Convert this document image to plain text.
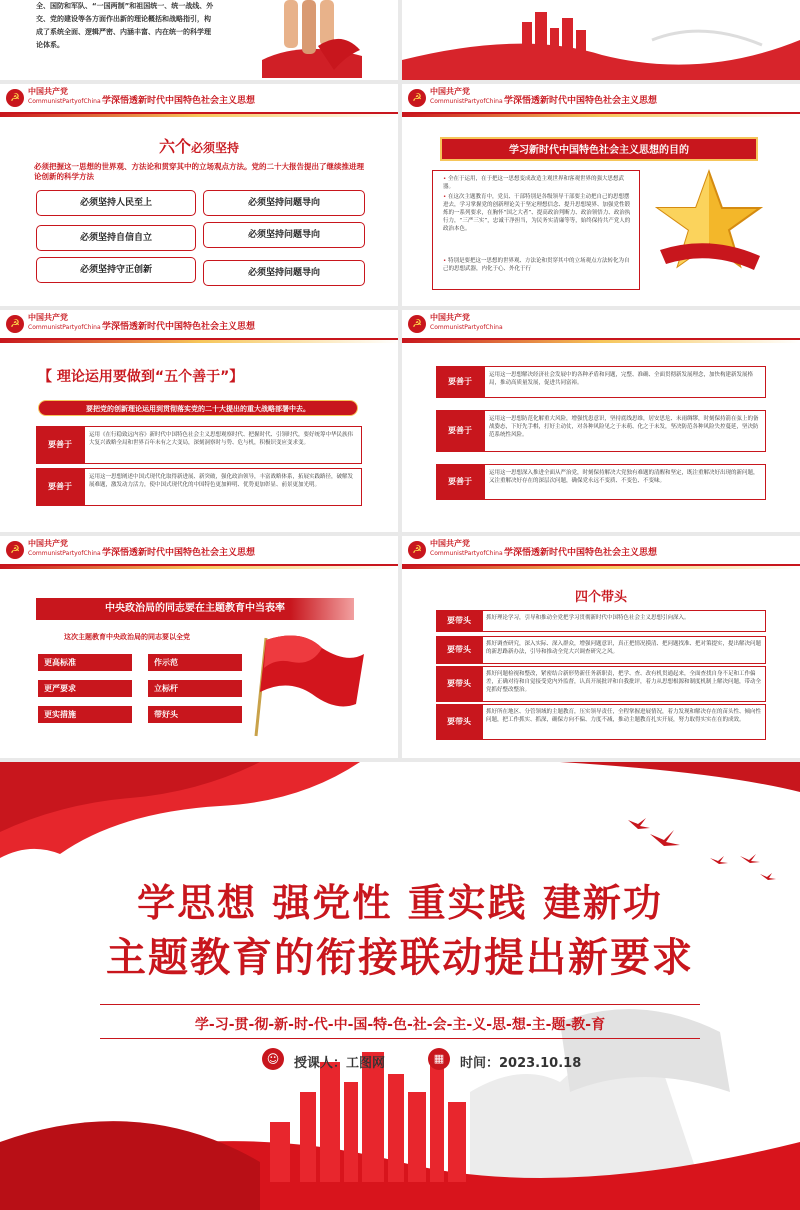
全、国防和军队、“一国两制”和祖国统一、统一战线、外
交、党的建设等各方面作出新的理论概括和战略指引，构
成了系统全面、逻辑严密、内涵丰富、内在统一的科学理
论体系。
☭	中国共产党
CommunistPartyofChina 学深悟透新时代中国特色社会主义思想
六个必须坚持
必须把握这一思想的世界观、方法论和贯穿其中的立场观点方法。党的二十大报告提出了继续推进理论创新的科学方法
必须坚持人民至上
必须坚持自信自立
必须坚持守正创新
必须坚持问题导向
必须坚持问题导向
必须坚持问题导向
☭	中国共产党
CommunistPartyofChina 学深悟透新时代中国特色社会主义思想
学习新时代中国特色社会主义思想的目的
• 全在于运用，在于把这一思想变成改造主观世界和客观世界的强大思想武器。
• 在这次主题教育中，党员、干部特别是各级领导干部要主动把自己的思想摆进去，学习掌握党的创新理论关于坚定理想信念、提升思想境界、加强党性锻炼的一系列要求，在胸怀“国之大者”、提高政治判断力、政治领悟力、政治执行力，“三严三实”，忠诚干净担当，为民务实清廉等等，始终保持共产党人的政治本色。
• 特别是要把这一思想的世界观、方法论和贯穿其中的立场观点方法转化为自己的思想武器，内化于心、外化于行
☭	中国共产党
CommunistPartyofChina 学深悟透新时代中国特色社会主义思想
【 理论运用要做到“五个善于”】
要把党的创新理论运用到贯彻落实党的二十大提出的重大战略部署中去。
要善于
运用《在行稳致远内容》新时代中国特色社会主义思想观察时代、把握时代、引领时代，要好统筹中华民族伟大复兴战略全局和世界百年未有之大变局，深刻洞察时与势、危与机，积极识变应变求变。
要善于
运用这一思想阐述中国式现代化取得新进展、新突破，强化政治领导，丰富战略体系，拓展实践路径，破解发展难题，激发动力活力，使中国式现代化的中国特色更加鲜明、优势更加彰显、前景更加光明。
☭	中国共产党
CommunistPartyofChina
要善于
运用这一思想解决经济社会发展中的各种矛盾和问题，完整、准确、全面贯彻新发展理念，加快构建新发展格局，推动高质量发展，促进共同富裕。
要善于
运用这一思想防范化解重大风险，增强忧患意识，坚持底线思维，居安思危、未雨绸缪，时刻保持箭在弦上的备战姿态，下好先手棋，打好主动仗，对各种风险见之于未萌、化之于未发，坚决防范各种风险失控蔓延，坚决防范系统性风险。
要善于
运用这一思想深入推进全面从严治党，时刻保持解决大党独有难题的清醒和坚定，既注重解决好出现的新问题，又注重解决好存在的深层次问题，确保党永远不变质、不变色、不变味。
☭	中国共产党
CommunistPartyofChina 学深悟透新时代中国特色社会主义思想
中央政治局的同志要在主题教育中当表率
这次主题教育中央政治局的同志要以全党
更高标准
更严要求
更实措施
作示范
立标杆
带好头
☭	中国共产党
CommunistPartyofChina 学深悟透新时代中国特色社会主义思想
四个带头
要带头	抓好理论学习，引导和推动全党把学习贯彻新时代中国特色社会主义思想引向深入。
要带头
抓好调查研究，深入实际、深入群众，增强问题意识，真正把情况摸清、把问题找准、把对策提实，提出解决问题的新思路新办法，引导和推动全党大兴调查研究之风。
要带头
抓好问题检视和整改，紧密结合新形势新任务新职责，把学、查、改有机贯通起来，全面查找自身不足和工作偏差，正确对待和自觉接受党内外监督，认真开展批评和自我批评，着力从思想根源和制度机制上解决问题，带动全党抓好整改整治。
要带头
抓好所在地区、分管领域的主题教育，压实领导责任，全程掌握进展情况，着力发现和解决存在的苗头性、倾向性问题，把工作抓实、抓深，确保方向不偏、力度不减，推动主题教育扎实开展，努力取得实实在在的成效。
学思想 强党性 重实践 建新功
主题教育的衔接联动提出新要求
学-习-贯-彻-新-时-代-中-国-特-色-社-会-主-义-思-想-主-题-教-育
☺	授课人：工图网	▦	时间：2023.10.18
